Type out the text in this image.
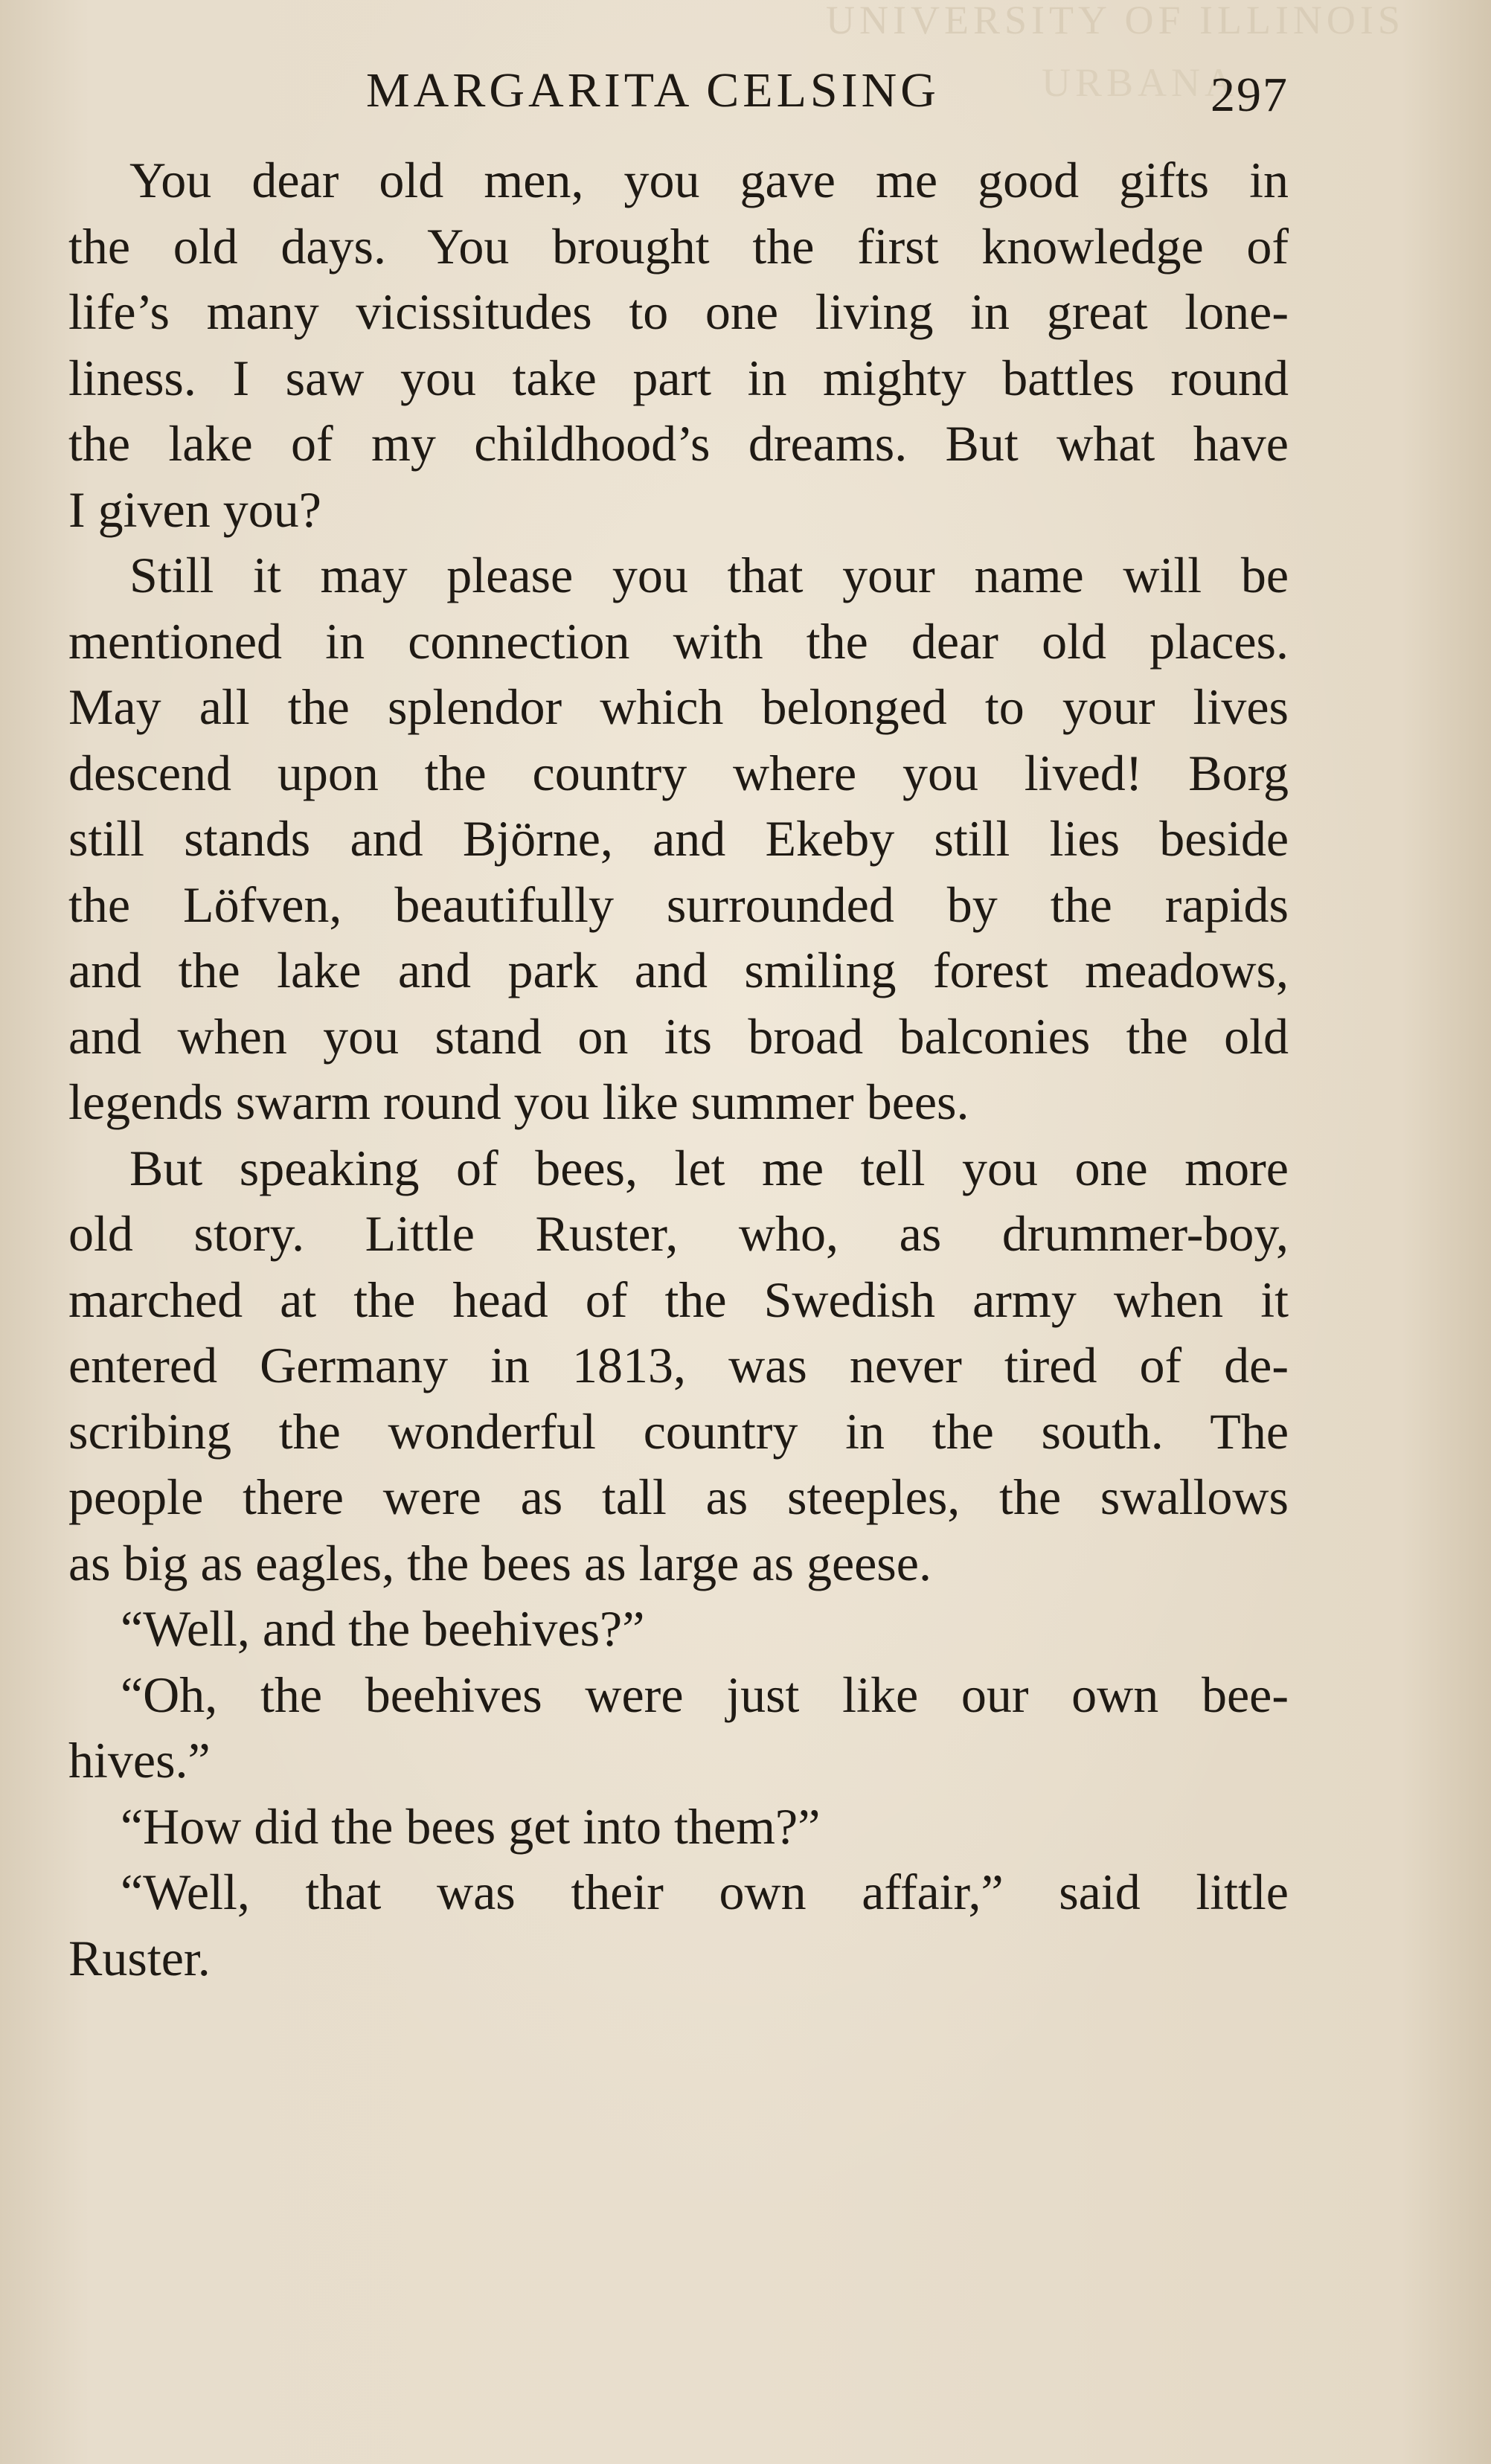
UNIVERSITY OF ILLINOIS
URBANA
MARGARITA CELSING	297
You dear old men, you gave me good gifts in
the old days. You brought the first knowledge of
life’s many vicissitudes to one living in great lone-
liness. I saw you take part in mighty battles round
the lake of my childhood’s dreams. But what have
I given you?
Still it may please you that your name will be
mentioned in connection with the dear old places.
May all the splendor which belonged to your lives
descend upon the country where you lived! Borg
still stands and Björne, and Ekeby still lies beside
the Löfven, beautifully surrounded by the rapids
and the lake and park and smiling forest meadows,
and when you stand on its broad balconies the old
legends swarm round you like summer bees.
But speaking of bees, let me tell you one more
old story. Little Ruster, who, as drummer-boy,
marched at the head of the Swedish army when it
entered Germany in 1813, was never tired of de-
scribing the wonderful country in the south. The
people there were as tall as steeples, the swallows
as big as eagles, the bees as large as geese.
“Well, and the beehives?”
“Oh, the beehives were just like our own bee-
hives.”
“How did the bees get into them?”
“Well, that was their own affair,” said little
Ruster.
